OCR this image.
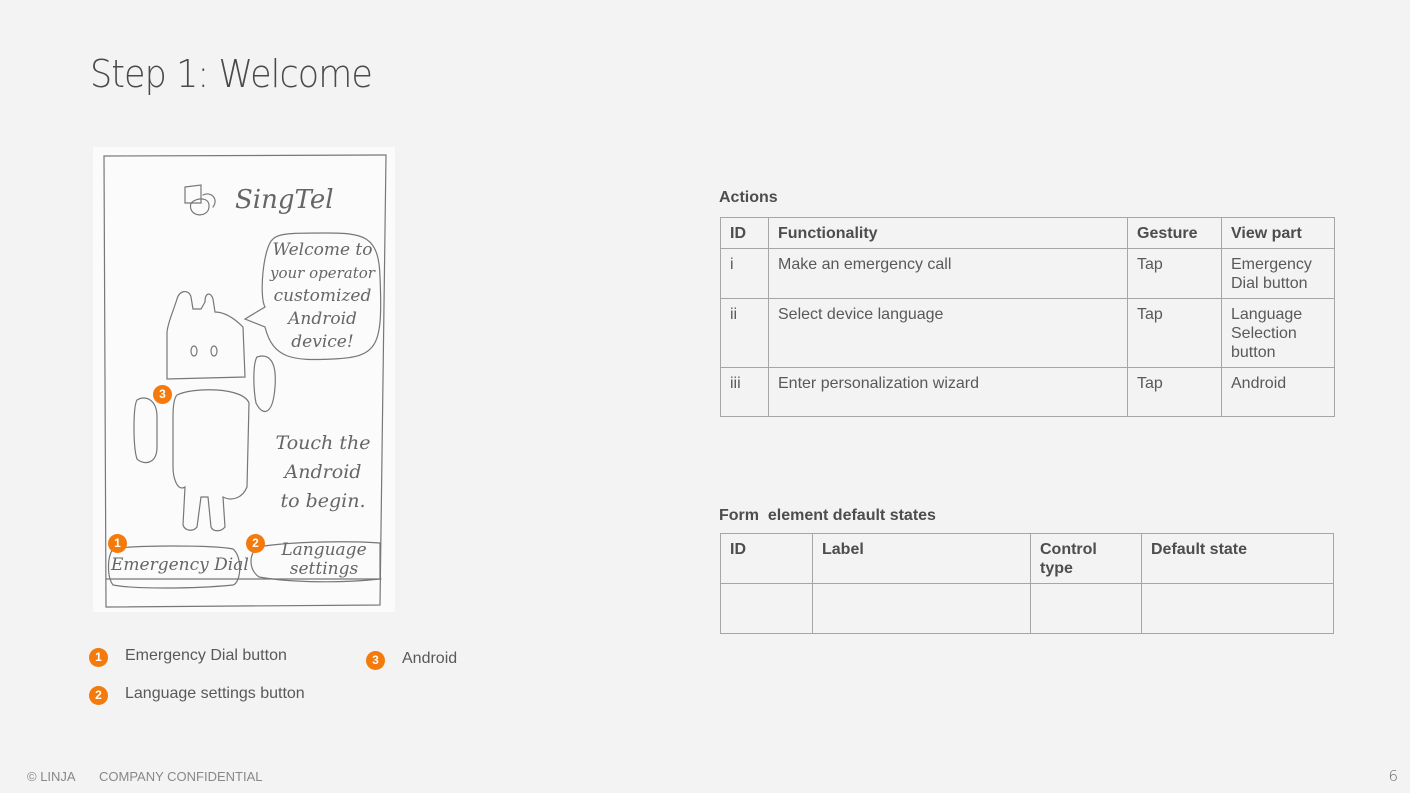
Step 1: Welcome
SingTel
Welcome to
your operator
customized
Android
device!
Touch the
Android
to begin.
Emergency Dial
Language
settings
3
1	2
1	Emergency Dial button
2	Language settings button
3	Android
Actions
ID	Functionality	Gesture	View part
i	Make an emergency call	Tap	Emergency Dial button
ii	Select device language	Tap	Language Selection button
iii	Enter personalization wizard	Tap	Android
Form  element default states
ID	Label	Control type	Default state

© LINJA COMPANY CONFIDENTIAL	6
